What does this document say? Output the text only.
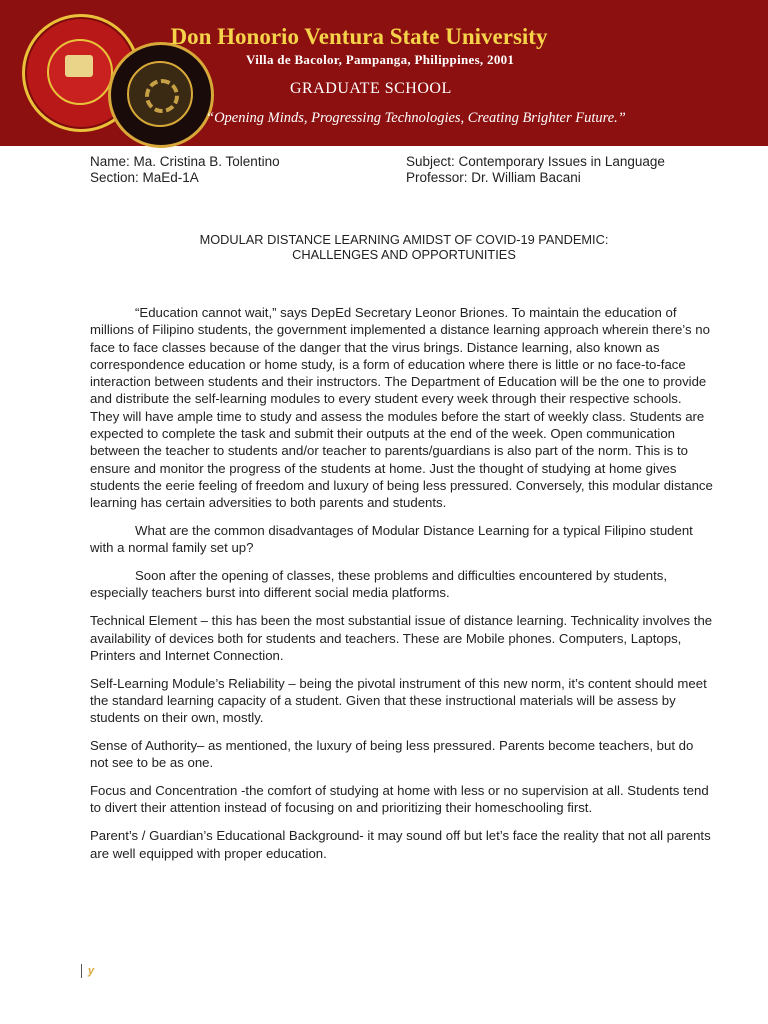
Don Honorio Ventura State University
Villa de Bacolor, Pampanga, Philippines, 2001
GRADUATE SCHOOL
“Opening Minds, Progressing Technologies, Creating Brighter Future.”
Name: Ma. Cristina B. Tolentino
Section: MaEd-1A
Subject: Contemporary Issues in Language
Professor: Dr. William Bacani
MODULAR DISTANCE LEARNING AMIDST OF COVID-19 PANDEMIC:
CHALLENGES AND OPPORTUNITIES

“Education cannot wait,” says DepEd Secretary Leonor Briones. To maintain the education of millions of Filipino students, the government implemented a distance learning approach wherein there’s no face to face classes because of the danger that the virus brings. Distance learning, also known as correspondence education or home study, is a form of education where there is little or no face-to-face interaction between students and their instructors. The Department of Education will be the one to provide and distribute the self-learning modules to every student every week through their respective schools. They will have ample time to study and assess the modules before the start of weekly class. Students are expected to complete the task and submit their outputs at the end of the week. Open communication between the teacher to students and/or teacher to parents/guardians is also part of the norm. This is to ensure and monitor the progress of the students at home. Just the thought of studying at home gives students the eerie feeling of freedom and luxury of being less pressured. Conversely, this modular distance learning has certain adversities to both parents and students.

What are the common disadvantages of Modular Distance Learning for a typical Filipino student with a normal family set up?

Soon after the opening of classes, these problems and difficulties encountered by students, especially teachers burst into different social media platforms.

Technical Element – this has been the most substantial issue of distance learning. Technicality involves the availability of devices both for students and teachers. These are Mobile phones. Computers, Laptops, Printers and Internet Connection.

Self-Learning Module’s Reliability – being the pivotal instrument of this new norm, it’s content should meet the standard learning capacity of a student. Given that these instructional materials will be assess by students on their own, mostly.

Sense of Authority– as mentioned, the luxury of being less pressured. Parents become teachers, but do not see to be as one.

Focus and Concentration -the comfort of studying at home with less or no supervision at all. Students tend to divert their attention instead of focusing on and prioritizing their homeschooling first.

Parent’s / Guardian’s Educational Background- it may sound off but let’s face the reality that not all parents are well equipped with proper education.

y
